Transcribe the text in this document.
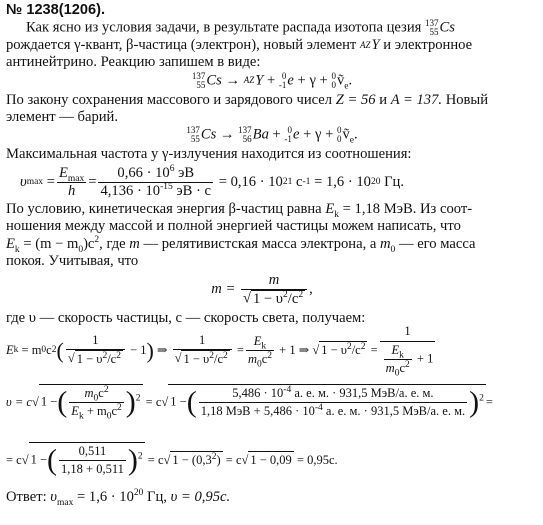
№ 1238(1206).
Как ясно из условия задачи, в результате распада изотопа цезия 137
55 Cs
рождается γ-квант, β-частица (электрон), новый элемент AZY и электронное
антинейтрино. Реакцию запишем в виде:
137
55 Cs → AZY + 0
-1 e + γ + 0
0 ṽ$_e$.
По закону сохранения массового и зарядового чисел Z = 56 и A = 137. Новый
элемент — барий.
137
55 Cs → 137
56 Ba + 0
-1 e + γ + 0
0 ṽ$_e$.
Максимальная частота у γ-излучения находится из соотношения:
υ $\max = \frac{E_{max}}{h} = \frac{0,66 \cdot 10^6 эВ}{4,136 \cdot 10^{-15} эВ \cdot с}$
= 0,16 · 10 21
с -1
= 1,6 · 10 20
Гц.
По условию, кинетическая энергия β-частиц равна $E_k = 1,18$ МэВ. Из соот-
ношения между массой и полной энергией частицы можем написать, что
$E_k = (m - m_0)c^2$, где m — релятивистская масса электрона, а $m_0$ — его масса
покоя. Учитывая, что
m =
$\frac{m}{√ 1 - \upsilon^2/c^2}$ ,
где υ — скорость частицы, c — скорость света, получаем:
E k
= m 0 c 2 ( $\frac{1}{√ 1 - \upsilon^2/c^2}$
− 1 )
⇒
$\frac{1}{√ 1 - \upsilon^2/c^2} = \frac{E_k}{m_0c^2}$
+ 1
⇒ √ $1 - \upsilon^2/c^2 = \frac{1}{\frac{E_k}{m_0c^2} + 1}$
υ = c √ 1 −( $\frac{m_0c^2}{E_k + m_0c^2} )^2$
= c √ 1 −( $\frac{5,486 \cdot 10^{-4} а. е. м. \cdot 931,5 МэВ/а. е. м.}{1,18 МэВ + 5,486 \cdot 10^{-4} а. е. м. \cdot 931,5 МэВ/а. е. м.} )^2$ =
= c √ 1 −( $\frac{0,511}{1,18 + 0,511} )^2$
= c √ $1 - (0,3^2)$
= c √ 1 − 0,09
= 0,95c.
Ответ: $\upsilon_{max} = 1,6 \cdot 10^{20}$ Гц, υ = 0,95c.
